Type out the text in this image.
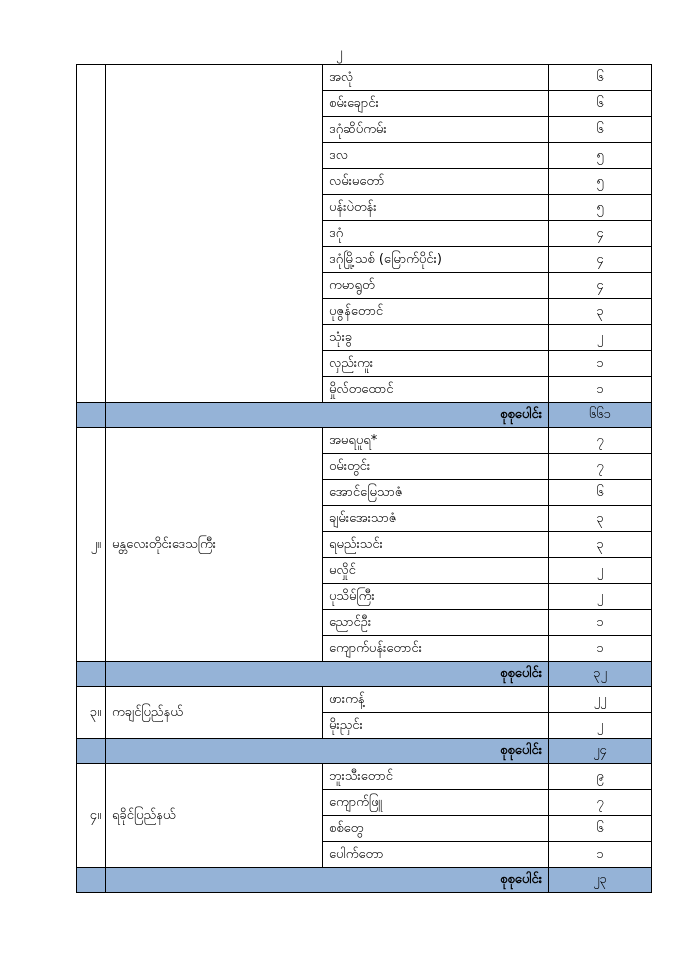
၂
		အလုံ	၆
		စမ်းချောင်း	၆
		ဒဂုံဆိပ်ကမ်း	၆
		ဒလ	၅
		လမ်းမတော်	၅
		ပန်းပဲတန်း	၅
		ဒဂုံ	၄
		ဒဂုံမြို့သစ် (မြောက်ပိုင်း)	၄
		ကမာရွတ်	၄
		ပုဇွန်တောင်	၃
		သုံးခွ	၂
		လှည်းကူး	၁
		မှိုလ်တထောင်	၁
	စုစုပေါင်း		၆၆၁
၂။	မန္တလေးတိုင်းဒေသကြီး	အမရပူရ*	၇
		ဝမ်းတွင်း	၇
		အောင်မြေသာဇံ	၆
		ချမ်းအေးသာဇံ	၃
		ရမည်းသင်း	၃
		မလှိုင်	၂
		ပုသိမ်ကြီး	၂
		ညောင်ဦး	၁
		ကျောက်ပန်းတောင်း	၁
	စုစုပေါင်း		၃၂
၃။	ကချင်ပြည်နယ်	ဖားကန့်	၂၂
		မိုးညှင်း	၂
	စုစုပေါင်း		၂၄
၄။	ရခိုင်ပြည်နယ်	ဘူးသီးတောင်	၉
		ကျောက်ဖြူ	၇
		စစ်တွေ	၆
		ပေါက်တော	၁
	စုစုပေါင်း		၂၃
